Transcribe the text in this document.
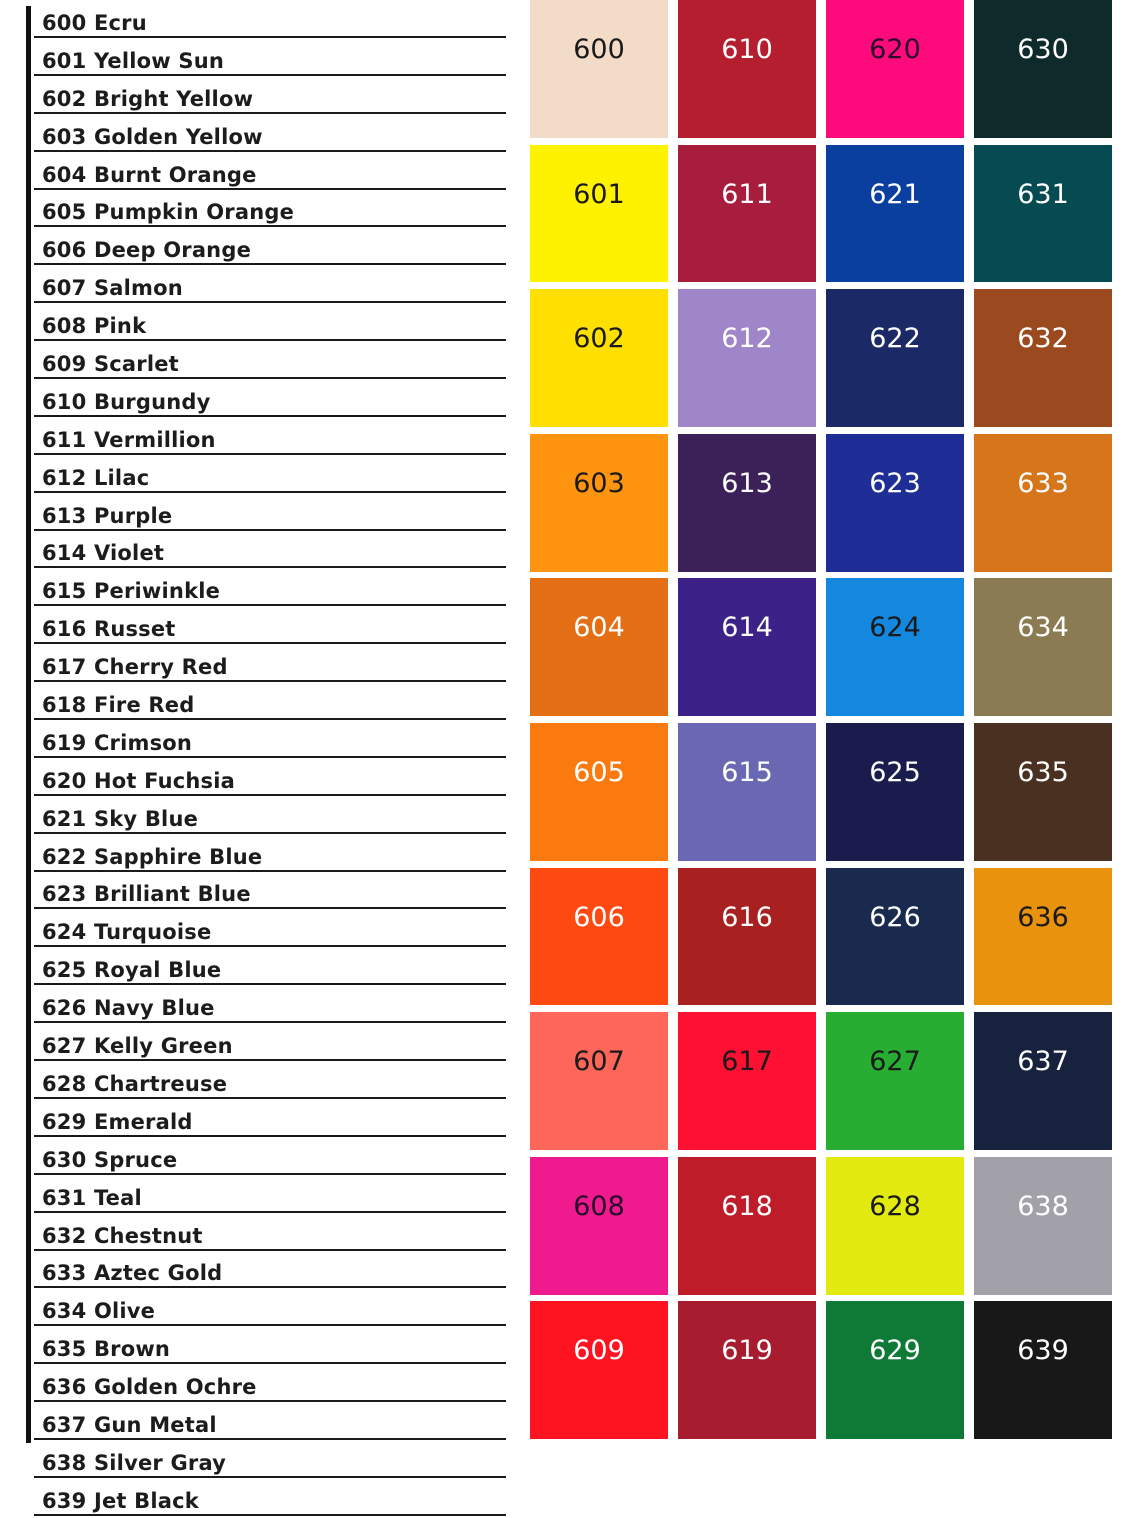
600 Ecru
601 Yellow Sun
602 Bright Yellow
603 Golden Yellow
604 Burnt Orange
605 Pumpkin Orange
606 Deep Orange
607 Salmon
608 Pink
609 Scarlet
610 Burgundy
611 Vermillion
612 Lilac
613 Purple
614 Violet
615 Periwinkle
616 Russet
617 Cherry Red
618 Fire Red
619 Crimson
620 Hot Fuchsia
621 Sky Blue
622 Sapphire Blue
623 Brilliant Blue
624 Turquoise
625 Royal Blue
626 Navy Blue
627 Kelly Green
628 Chartreuse
629 Emerald
630 Spruce
631 Teal
632 Chestnut
633 Aztec Gold
634 Olive
635 Brown
636 Golden Ochre
637 Gun Metal
638 Silver Gray
639 Jet Black
600	610	620	630
601	611	621	631
602	612	622	632
603	613	623	633
604	614	624	634
605	615	625	635
606	616	626	636
607	617	627	637
608	618	628	638
609	619	629	639
